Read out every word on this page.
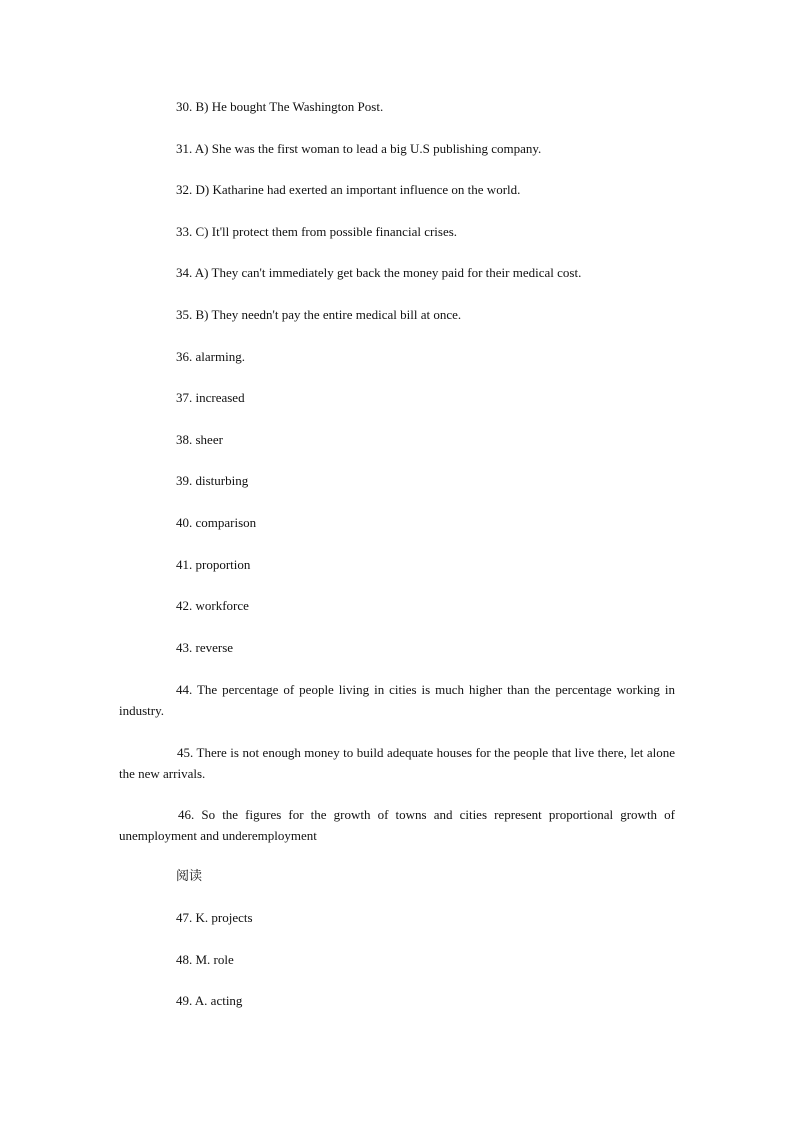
30. B) He bought The Washington Post.
31. A) She was the first woman to lead a big U.S publishing company.
32. D) Katharine had exerted an important influence on the world.
33. C) It'll protect them from possible financial crises.
34. A) They can't immediately get back the money paid for their medical cost.
35. B) They needn't pay the entire medical bill at once.
36. alarming.
37. increased
38. sheer
39. disturbing
40. comparison
41. proportion
42. workforce
43. reverse
44. The percentage of people living in cities is much higher than the percentage working in industry.
45. There is not enough money to build adequate houses for the people that live there, let alone the new arrivals.
46. So the figures for the growth of towns and cities represent proportional growth of unemployment and underemployment
阅读
47. K. projects
48. M. role
49. A. acting
